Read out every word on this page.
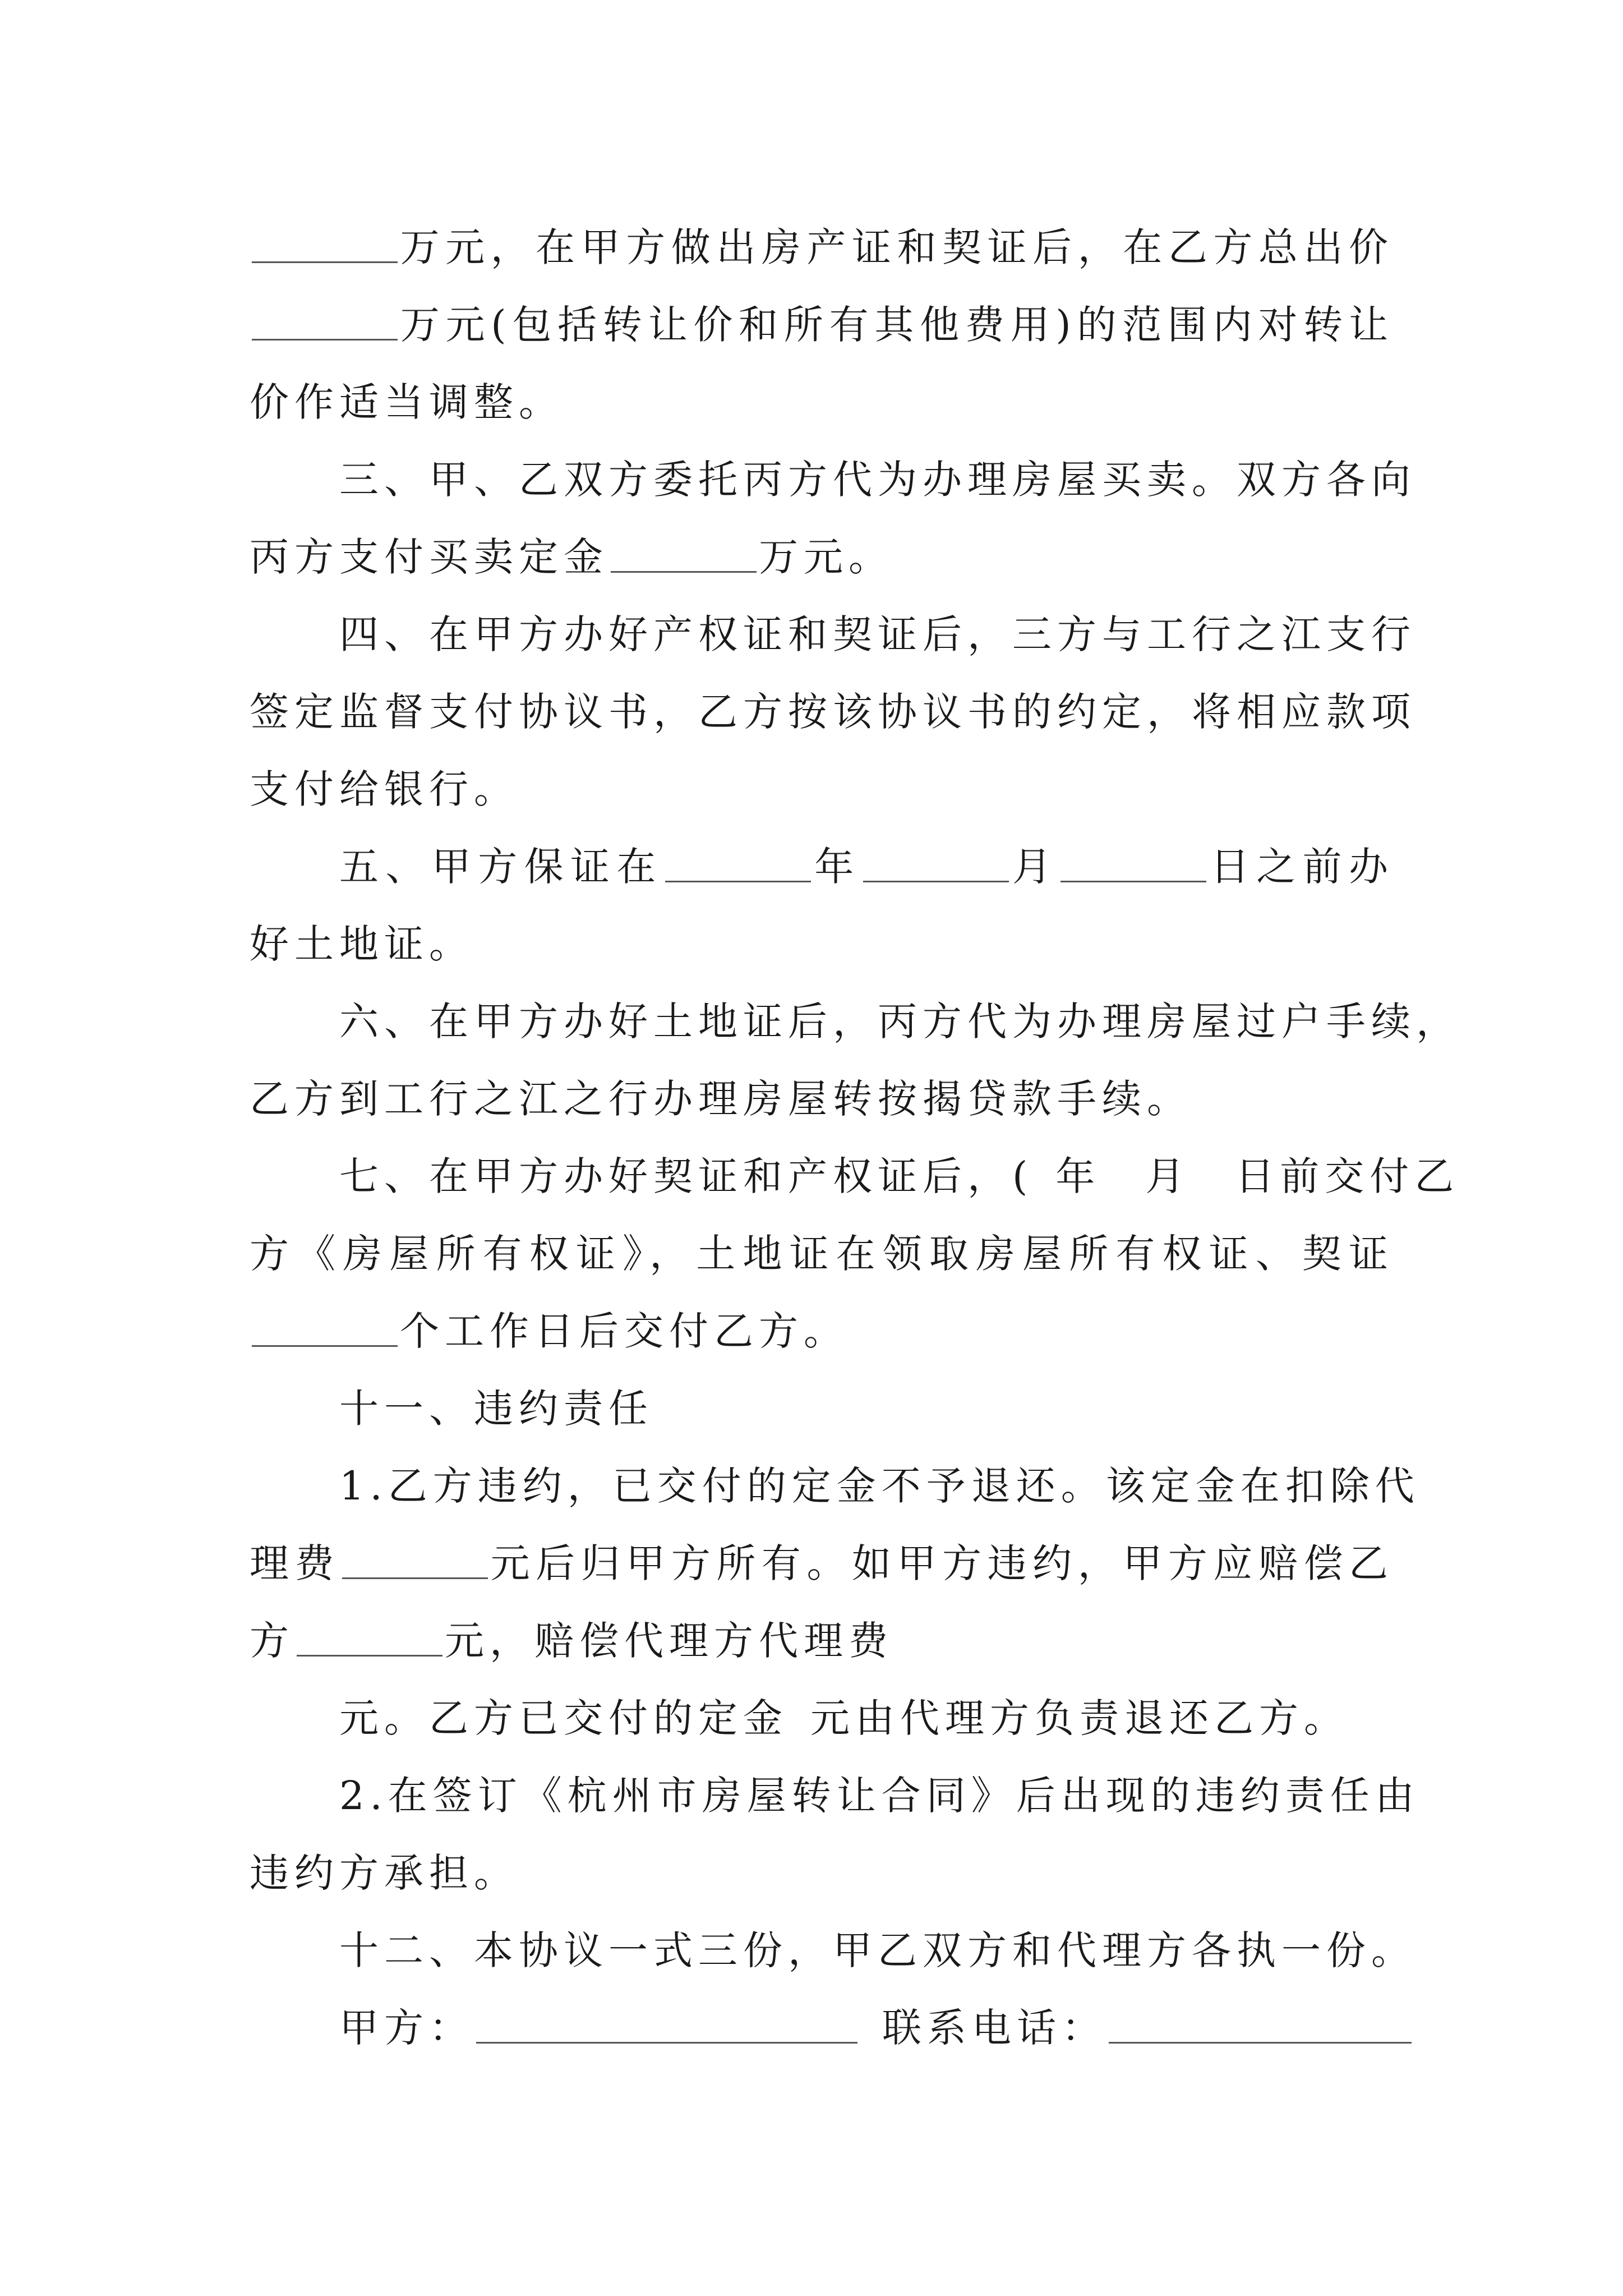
万元，在甲方做出房产证和契证后，在乙方总出价
万元(包括转让价和所有其他费用)的范围内对转让
价作适当调整。
三、甲、乙双方委托丙方代为办理房屋买卖。双方各向
丙方支付买卖定金	万元。
四、在甲方办好产权证和契证后，三方与工行之江支行
签定监督支付协议书，乙方按该协议书的约定，将相应款项
支付给银行。
五、甲方保证在	年	月	日之前办
好土地证。
六、在甲方办好土地证后，丙方代为办理房屋过户手续，
乙方到工行之江之行办理房屋转按揭贷款手续。
七、在甲方办好契证和产权证后，( 年 月 日前交付乙
方《房屋所有权证》，土地证在领取房屋所有权证、契证
个工作日后交付乙方。
十一、违约责任
1.乙方违约，已交付的定金不予退还。该定金在扣除代
理费	元后归甲方所有。如甲方违约，甲方应赔偿乙
方	元，赔偿代理方代理费
元。乙方已交付的定金 元由代理方负责退还乙方。
2.在签订《杭州市房屋转让合同》后出现的违约责任由
违约方承担。
十二、本协议一式三份，甲乙双方和代理方各执一份。
甲方：	联系电话：
